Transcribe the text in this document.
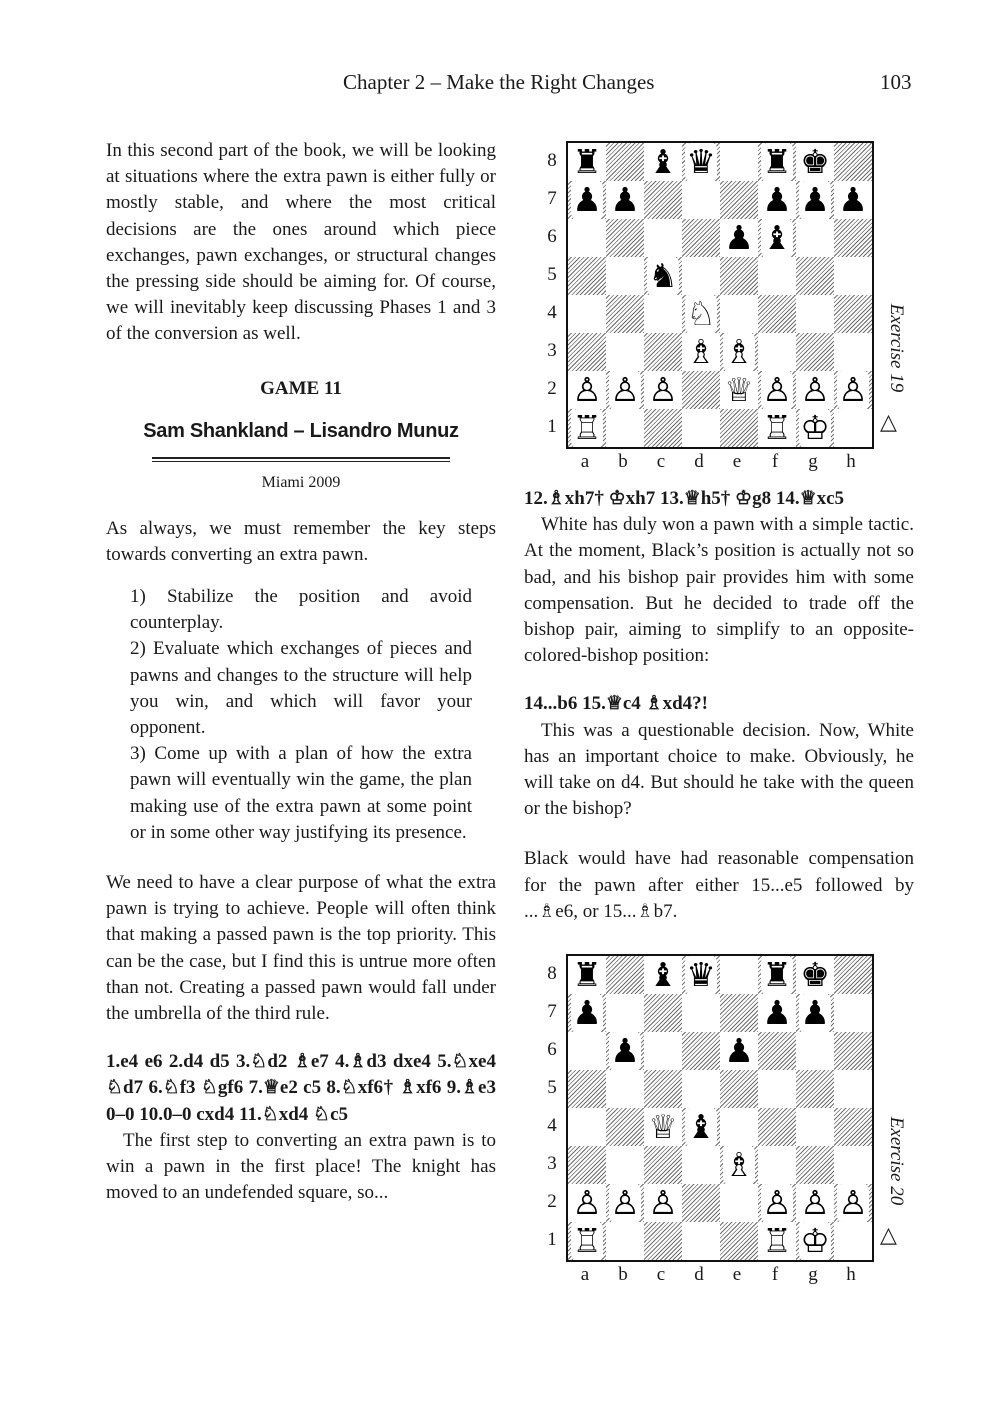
Chapter 2 – Make the Right Changes	103

In this second part of the book, we will be looking at situations where the extra pawn is either fully or mostly stable, and where the most critical decisions are the ones around which piece exchanges, pawn exchanges, or structural changes the pressing side should be aiming for. Of course, we will inevitably keep discussing Phases 1 and 3 of the conversion as well.

GAME 11
Sam Shankland – Lisandro Munuz
Miami 2009

As always, we must remember the key steps towards converting an extra pawn.

1) Stabilize the position and avoid counterplay.

2) Evaluate which exchanges of pieces and pawns and changes to the structure will help you win, and which will favor your opponent.

3) Come up with a plan of how the extra pawn will eventually win the game, the plan making use of the extra pawn at some point or in some other way justifying its presence.

We need to have a clear purpose of what the extra pawn is trying to achieve. People will often think that making a passed pawn is the top priority. This can be the case, but I find this is untrue more often than not. Creating a passed pawn would fall under the umbrella of the third rule.

1.e4 e6 2.d4 d5 3.♘d2 ♗e7 4.♗d3 dxe4 5.♘xe4 ♘d7 6.♘f3 ♘gf6 7.♕e2 c5 8.♘xf6† ♗xf6 9.♗e3 0–0 10.0–0 cxd4 11.♘xd4 ♘c5

The first step to converting an extra pawn is to win a pawn in the first place! The knight has moved to an undefended square, so...

8
7
6
5
4
3
2
1
♜ ♝ ♛ ♜ ♚
♟ ♟	♟ ♟ ♟
♟ ♝
♞
♘
♗ ♗
♙ ♙ ♙ ♕ ♙ ♙ ♙
♖	♖ ♔
a	b	c	d	e	f	g	h
Exercise 19
△

12.♗xh7† ♔xh7 13.♕h5† ♔g8 14.♕xc5

White has duly won a pawn with a simple tactic. At the moment, Black’s position is actually not so bad, and his bishop pair provides him with some compensation. But he decided to trade off the bishop pair, aiming to simplify to an opposite-colored-bishop position:

14...b6 15.♕c4 ♗xd4?!

This was a questionable decision. Now, White has an important choice to make. Obviously, he will take on d4. But should he take with the queen or the bishop?

Black would have had reasonable compensation for the pawn after either 15...e5 followed by ...♗e6, or 15...♗b7.

8
7
6
5
4
3
2
1
♜ ♝ ♛ ♜ ♚
♟	♟ ♟
♟	♟
♕ ♝
♗
♙ ♙ ♙	♙ ♙ ♙
♖	♖ ♔
a	b	c	d	e	f	g	h
Exercise 20
△
